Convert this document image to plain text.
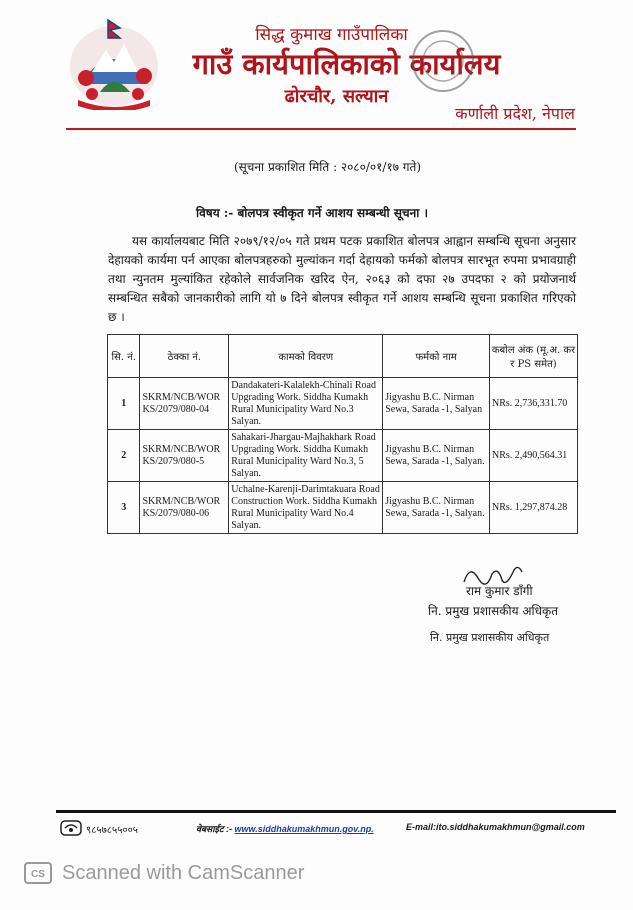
सिद्ध कुमाख गाउँपालिका
गाउँ कार्यपालिकाको कार्यालय
ढोरचौर, सल्यान
कर्णाली प्रदेश, नेपाल
(सूचना प्रकाशित मिति : २०८०/०१/१७ गते)
विषय :- बोलपत्र स्वीकृत गर्ने आशय सम्बन्धी सूचना ।
यस कार्यालयबाट मिति २०७९/१२/०५ गते प्रथम पटक प्रकाशित बोलपत्र आह्वान सम्बन्धि सूचना अनुसार देहायको कार्यमा पर्न आएका बोलपत्रहरुको मुल्यांकन गर्दा देहायको फर्मको बोलपत्र सारभूत रुपमा प्रभावग्राही तथा न्युनतम मुल्यांकित रहेकोले सार्वजनिक खरिद ऐन, २०६३ को दफा २७ उपदफा २ को प्रयोजनार्थ सम्बन्धित सबैको जानकारीको लागि यो ७ दिने बोलपत्र स्वीकृत गर्ने आशय सम्बन्धि सूचना प्रकाशित गरिएको छ ।
सि. नं.	ठेक्का नं.	कामको विवरण	फर्मको नाम	कबोल अंक (मू.अ. कर र PS समेत)
1	SKRM/NCB/WORKS/2079/080-04	Dandakateri-Kalalekh-Chinali Road Upgrading Work. Siddha Kumakh Rural Municipality Ward No.3 Salyan.	Jigyashu B.C. Nirman Sewa, Sarada -1, Salyan	NRs. 2,736,331.70
2	SKRM/NCB/WORKS/2079/080-5	Sahakari-Jhargau-Majhakhark Road Upgrading Work. Siddha Kumakh Rural Municipality Ward No.3, 5 Salyan.	Jigyashu B.C. Nirman Sewa, Sarada -1, Salyan.	NRs. 2,490,564.31
3	SKRM/NCB/WORKS/2079/080-06	Uchalne-Karenji-Darimtakuara Road Construction Work. Siddha Kumakh Rural Municipality Ward No.4 Salyan.	Jigyashu B.C. Nirman Sewa, Sarada -1, Salyan.	NRs. 1,297,874.28
राम कुमार डाँगी
नि. प्रमुख प्रशासकीय अधिकृत
नि. प्रमुख प्रशासकीय अधिकृत
९८५७८५५००५	वेबसाईट :- www.siddhakumakhmun.gov.np.	E-mail:ito.siddhakumakhmun@gmail.com
CS Scanned with CamScanner
